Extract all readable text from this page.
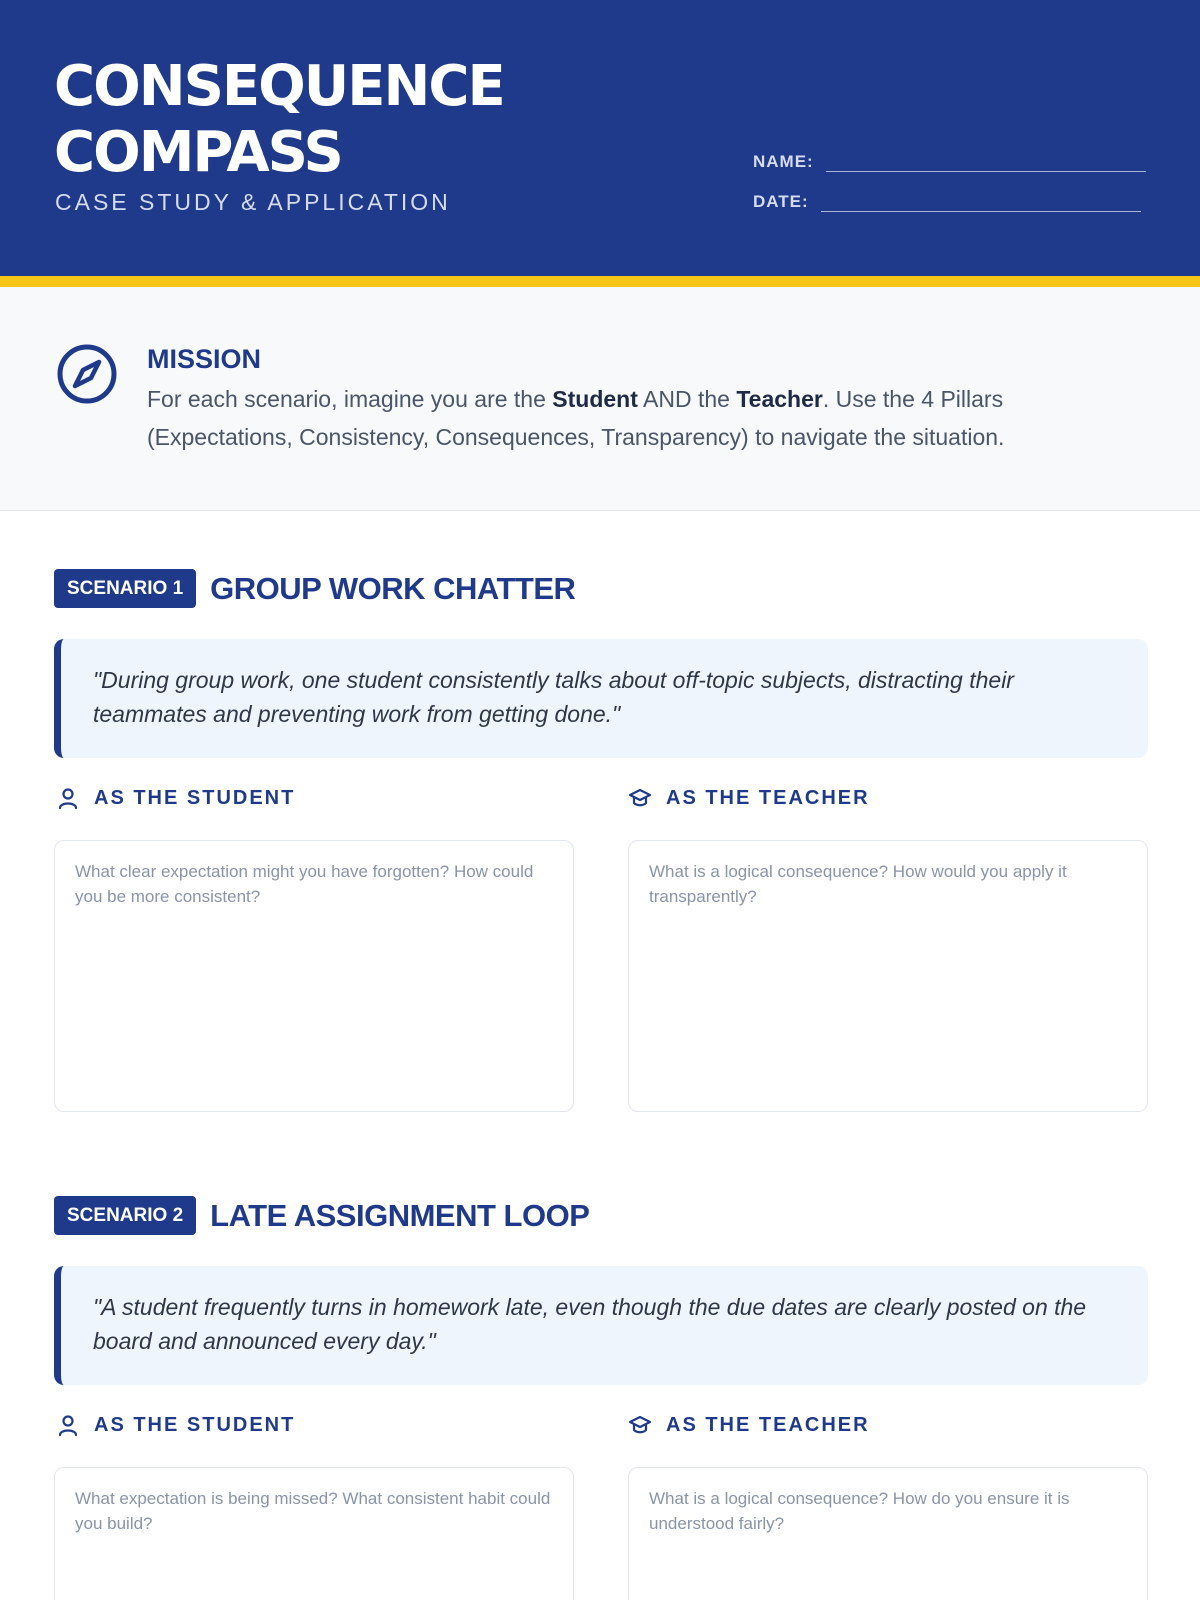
CONSEQUENCE
COMPASS
CASE STUDY & APPLICATION
NAME:
DATE:
MISSION
For each scenario, imagine you are the Student AND the Teacher. Use the 4 Pillars (Expectations, Consistency, Consequences, Transparency) to navigate the situation.
SCENARIO 1 GROUP WORK CHATTER
"During group work, one student consistently talks about off-topic subjects, distracting their teammates and preventing work from getting done."
AS THE STUDENT	AS THE TEACHER
What clear expectation might you have forgotten? How could you be more consistent?
What is a logical consequence? How would you apply it transparently?
SCENARIO 2 LATE ASSIGNMENT LOOP
"A student frequently turns in homework late, even though the due dates are clearly posted on the board and announced every day."
AS THE STUDENT	AS THE TEACHER
What expectation is being missed? What consistent habit could you build?
What is a logical consequence? How do you ensure it is understood fairly?
